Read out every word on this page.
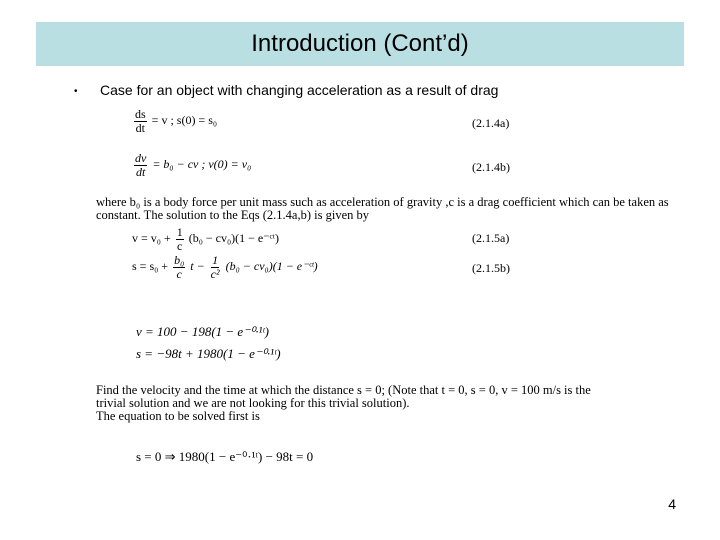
Introduction (Cont’d)
• Case for an object with changing acceleration as a result of drag
$\frac{ds}{dt} = v$ ; s(0) = s₀	(2.1.4a)
$\frac{dv}{dt} = b_0$ − cv ; v(0) = v₀	(2.1.4b)
where b₀ is a body force per unit mass such as acceleration of gravity ,c is a drag coefficient which can be taken as
constant. The solution to the Eqs (2.1.4a,b) is given by
$v = v_0 + \frac{1}{c} (b_0 - cv_0)(1$ − e⁻ᶜᵗ)	(2.1.5a)
$s = s_0 + \frac{\text{b₀}}{c}$ $t - \frac{1}{\text{c²}} (b_0 - cv_0)(1$ − e⁻ᶜᵗ)	(2.1.5b)
v = 100 − 198(1 − e⁻⁰·¹ᵗ)
s = −98t + 1980(1 − e⁻⁰·¹ᵗ)
Find the velocity and the time at which the distance s = 0; (Note that t = 0, s = 0, v = 100 m/s is the
trivial solution and we are not looking for this trivial solution).
The equation to be solved first is
s = 0 ⇒ 1980(1 − e⁻⁰·¹ᵗ) − 98t = 0
4
